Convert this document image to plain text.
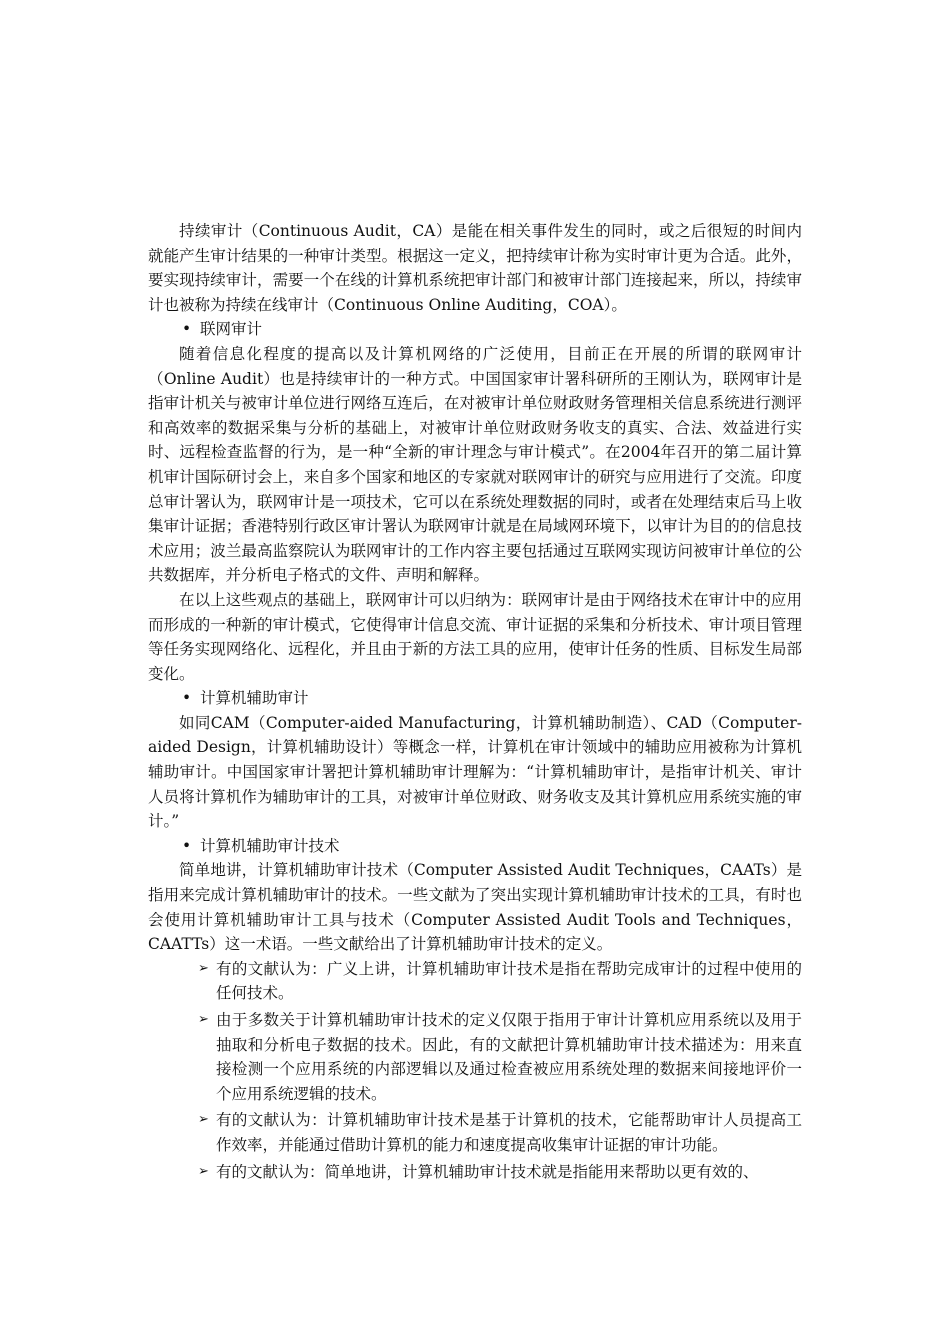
持续审计（Continuous Audit，CA）是能在相关事件发生的同时，或之后很短的时间内就能产生审计结果的一种审计类型。根据这一定义，把持续审计称为实时审计更为合适。此外，要实现持续审计，需要一个在线的计算机系统把审计部门和被审计部门连接起来，所以，持续审计也被称为持续在线审计（Continuous Online Auditing，COA）。

• 联网审计

随着信息化程度的提高以及计算机网络的广泛使用，目前正在开展的所谓的联网审计（Online Audit）也是持续审计的一种方式。中国国家审计署科研所的王刚认为，联网审计是指审计机关与被审计单位进行网络互连后，在对被审计单位财政财务管理相关信息系统进行测评和高效率的数据采集与分析的基础上，对被审计单位财政财务收支的真实、合法、效益进行实时、远程检查监督的行为，是一种“全新的审计理念与审计模式”。在2004年召开的第二届计算机审计国际研讨会上，来自多个国家和地区的专家就对联网审计的研究与应用进行了交流。印度总审计署认为，联网审计是一项技术，它可以在系统处理数据的同时，或者在处理结束后马上收集审计证据；香港特别行政区审计署认为联网审计就是在局域网环境下，以审计为目的的信息技术应用；波兰最高监察院认为联网审计的工作内容主要包括通过互联网实现访问被审计单位的公共数据库，并分析电子格式的文件、声明和解释。

在以上这些观点的基础上，联网审计可以归纳为：联网审计是由于网络技术在审计中的应用而形成的一种新的审计模式，它使得审计信息交流、审计证据的采集和分析技术、审计项目管理等任务实现网络化、远程化，并且由于新的方法工具的应用，使审计任务的性质、目标发生局部变化。

• 计算机辅助审计

如同CAM（Computer-aided Manufacturing，计算机辅助制造）、CAD（Computer-aided Design，计算机辅助设计）等概念一样，计算机在审计领域中的辅助应用被称为计算机辅助审计。中国国家审计署把计算机辅助审计理解为：“计算机辅助审计，是指审计机关、审计人员将计算机作为辅助审计的工具，对被审计单位财政、财务收支及其计算机应用系统实施的审计。”

• 计算机辅助审计技术

简单地讲，计算机辅助审计技术（Computer Assisted Audit Techniques，CAATs）是指用来完成计算机辅助审计的技术。一些文献为了突出实现计算机辅助审计技术的工具，有时也会使用计算机辅助审计工具与技术（Computer Assisted Audit Tools and Techniques，CAATTs）这一术语。一些文献给出了计算机辅助审计技术的定义。

➢ 有的文献认为：广义上讲，计算机辅助审计技术是指在帮助完成审计的过程中使用的任何技术。
➢ 由于多数关于计算机辅助审计技术的定义仅限于指用于审计计算机应用系统以及用于抽取和分析电子数据的技术。因此，有的文献把计算机辅助审计技术描述为：用来直接检测一个应用系统的内部逻辑以及通过检查被应用系统处理的数据来间接地评价一个应用系统逻辑的技术。
➢ 有的文献认为：计算机辅助审计技术是基于计算机的技术，它能帮助审计人员提高工作效率，并能通过借助计算机的能力和速度提高收集审计证据的审计功能。
➢ 有的文献认为：简单地讲，计算机辅助审计技术就是指能用来帮助以更有效的、
